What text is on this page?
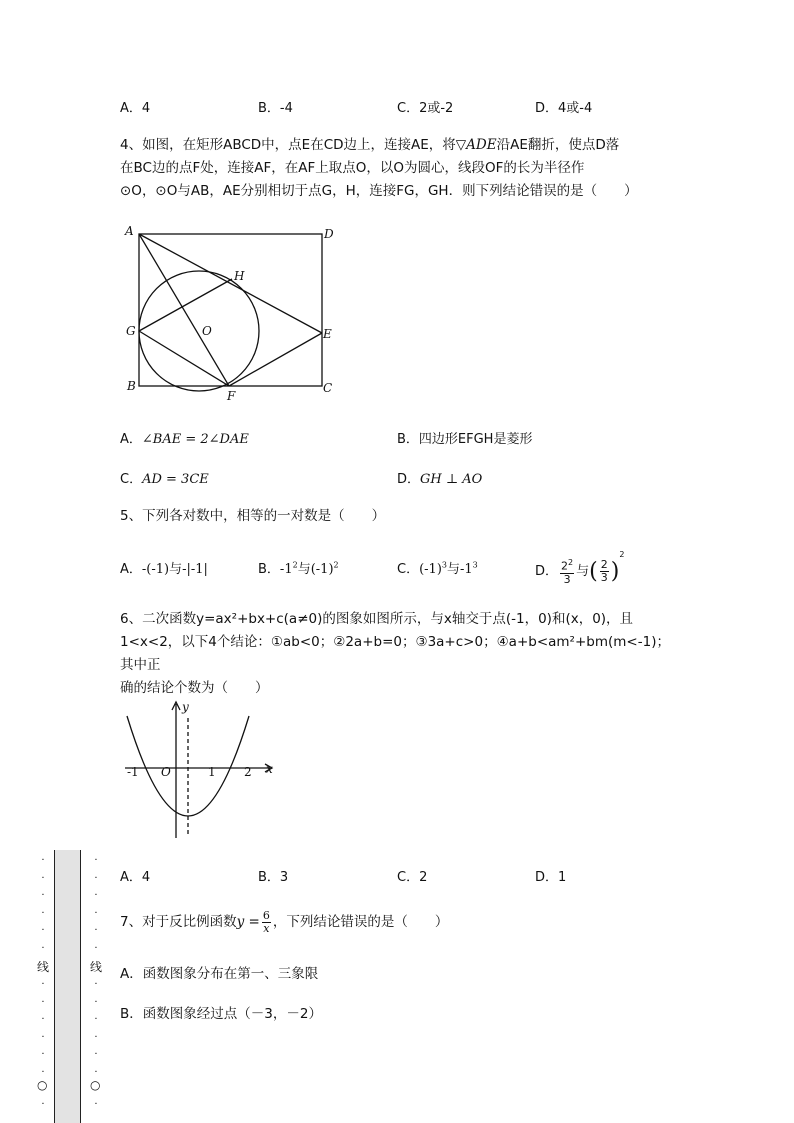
A．4	B．-4	C．2或-2	D．4或-4
4、如图，在矩形ABCD中，点E在CD边上，连接AE，将▽ADE沿AE翻折，使点D落
在BC边的点F处，连接AF，在AF上取点O，以O为圆心，线段OF的长为半径作
⊙O，⊙O与AB，AE分别相切于点G，H，连接FG，GH．则下列结论错误的是（　　）
A	D
H
G	O	E
B
F
C
A．∠BAE = 2∠DAE	B．四边形EFGH是菱形
C．AD = 3CE	D．GH ⊥ AO
5、下列各对数中，相等的一对数是（　　）
A．-(-1)与-|-1|	B．$-1^2$与$(-1)^2$	C．$(-1)^3$与$-1^3$	D． $\frac{2^2}{3}$ 与( $\frac{2}{3} )^2$
6、二次函数y=ax²+bx+c(a≠0)的图象如图所示，与x轴交于点(-1，0)和(x，0)，且
1<x<2，以下4个结论：①ab<0；②2a+b=0；③3a+c>0；④a+b<am²+bm(m<-1)；其中正
确的结论个数为（　　）
y
x
-1 O	1 2
A．4	B．3	C．2	D．1
7、对于反比例函数$y = \frac{6}{x}$ ，下列结论错误的是（　　）
A．函数图象分布在第一、三象限
B．函数图象经过点（－3，－2）
·
·
·
·
·
·

线
·
·
·
·
·
·

○
·

·
·
·
·
·
·

线
·
·
·
·
·
·

○
·
